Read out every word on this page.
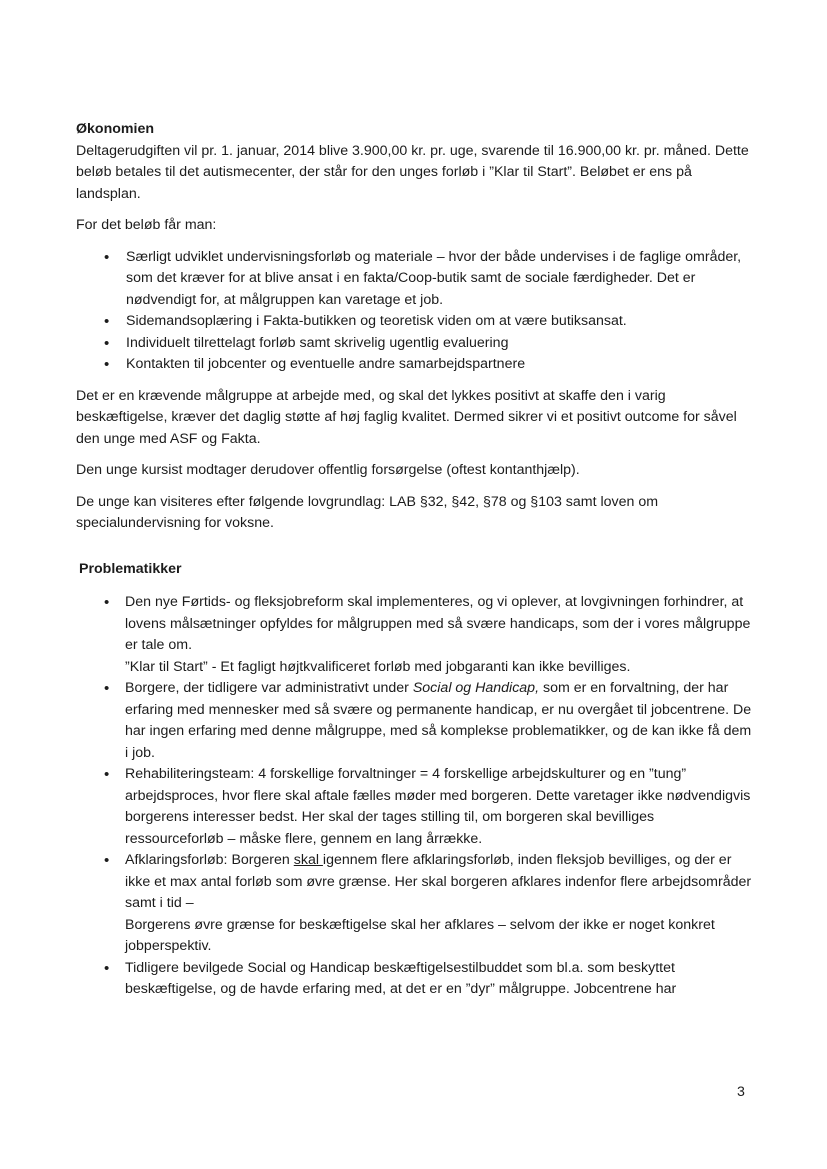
Økonomien

Deltagerudgiften vil pr. 1. januar, 2014 blive 3.900,00 kr. pr. uge, svarende til 16.900,00 kr. pr. måned. Dette beløb betales til det autismecenter, der står for den unges forløb i ”Klar til Start”. Beløbet er ens på landsplan.

For det beløb får man:

• Særligt udviklet undervisningsforløb og materiale – hvor der både undervises i de faglige områder, som det kræver for at blive ansat i en fakta/Coop-butik samt de sociale færdigheder. Det er nødvendigt for, at målgruppen kan varetage et job.
• Sidemandsoplæring i Fakta-butikken og teoretisk viden om at være butiksansat.
• Individuelt tilrettelagt forløb samt skrivelig ugentlig evaluering
• Kontakten til jobcenter og eventuelle andre samarbejdspartnere

Det er en krævende målgruppe at arbejde med, og skal det lykkes positivt at skaffe den i varig beskæftigelse, kræver det daglig støtte af høj faglig kvalitet. Dermed sikrer vi et positivt outcome for såvel den unge med ASF og Fakta.

Den unge kursist modtager derudover offentlig forsørgelse (oftest kontanthjælp).

De unge kan visiteres efter følgende lovgrundlag: LAB §32, §42, §78 og §103 samt loven om specialundervisning for voksne.

Problematikker
• Den nye Førtids- og fleksjobreform skal implementeres, og vi oplever, at lovgivningen forhindrer, at lovens målsætninger opfyldes for målgruppen med så svære handicaps, som der i vores målgruppe er tale om.
”Klar til Start” - Et fagligt højtkvalificeret forløb med jobgaranti kan ikke bevilliges.
• Borgere, der tidligere var administrativt under Social og Handicap, som er en forvaltning, der har erfaring med mennesker med så svære og permanente handicap, er nu overgået til jobcentrene. De har ingen erfaring med denne målgruppe, med så komplekse problematikker, og de kan ikke få dem i job.
• Rehabiliteringsteam: 4 forskellige forvaltninger = 4 forskellige arbejdskulturer og en ”tung” arbejdsproces, hvor flere skal aftale fælles møder med borgeren. Dette varetager ikke nødvendigvis borgerens interesser bedst. Her skal der tages stilling til, om borgeren skal bevilliges ressourceforløb – måske flere, gennem en lang årrække.
• Afklaringsforløb: Borgeren skal igennem flere afklaringsforløb, inden fleksjob bevilliges, og der er ikke et max antal forløb som øvre grænse. Her skal borgeren afklares indenfor flere arbejdsområder samt i tid –
Borgerens øvre grænse for beskæftigelse skal her afklares – selvom der ikke er noget konkret jobperspektiv.
• Tidligere bevilgede Social og Handicap beskæftigelsestilbuddet som bl.a. som beskyttet beskæftigelse, og de havde erfaring med, at det er en ”dyr” målgruppe. Jobcentrene har
3
